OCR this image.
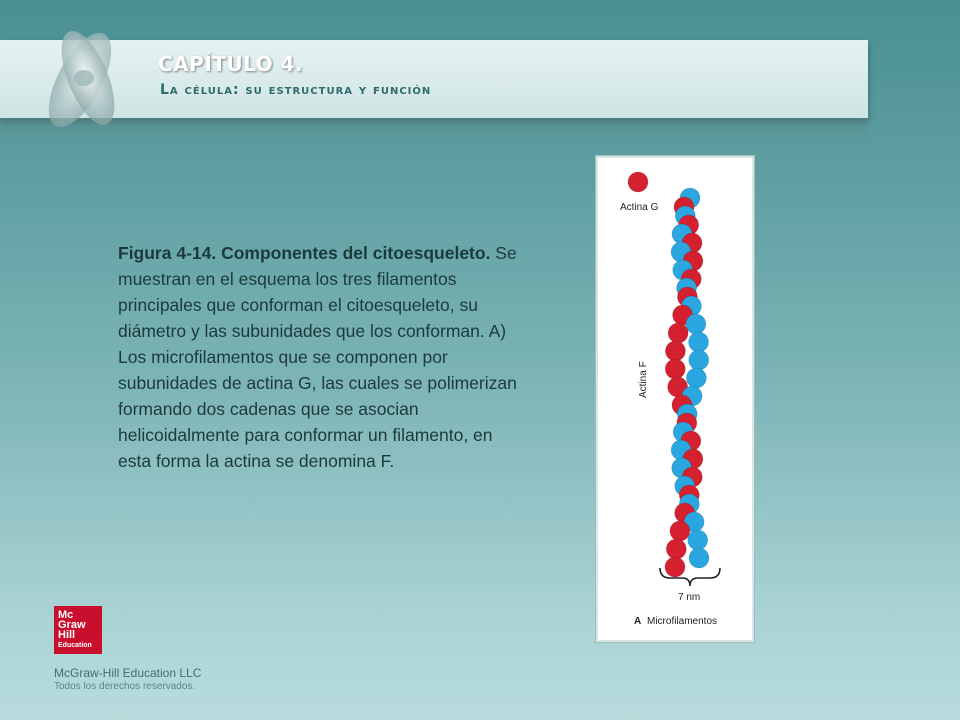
CAPÍTULO 4.
La célula: su estructura y función

Figura 4-14. Componentes del citoesqueleto. Se muestran en el esquema los tres filamentos principales que conforman el citoesqueleto, su diámetro y las subunidades que los conforman. A) Los microfilamentos que se componen por subunidades de actina G, las cuales se polimerizan formando dos cadenas que se asocian helicoidalmente para conformar un filamento, en esta forma la actina se denomina F.

Actina G
Actina F
7 nm
A Microfilamentos
Mc
Graw
Hill
Education

McGraw-Hill Education LLC

Todos los derechos reservados.
